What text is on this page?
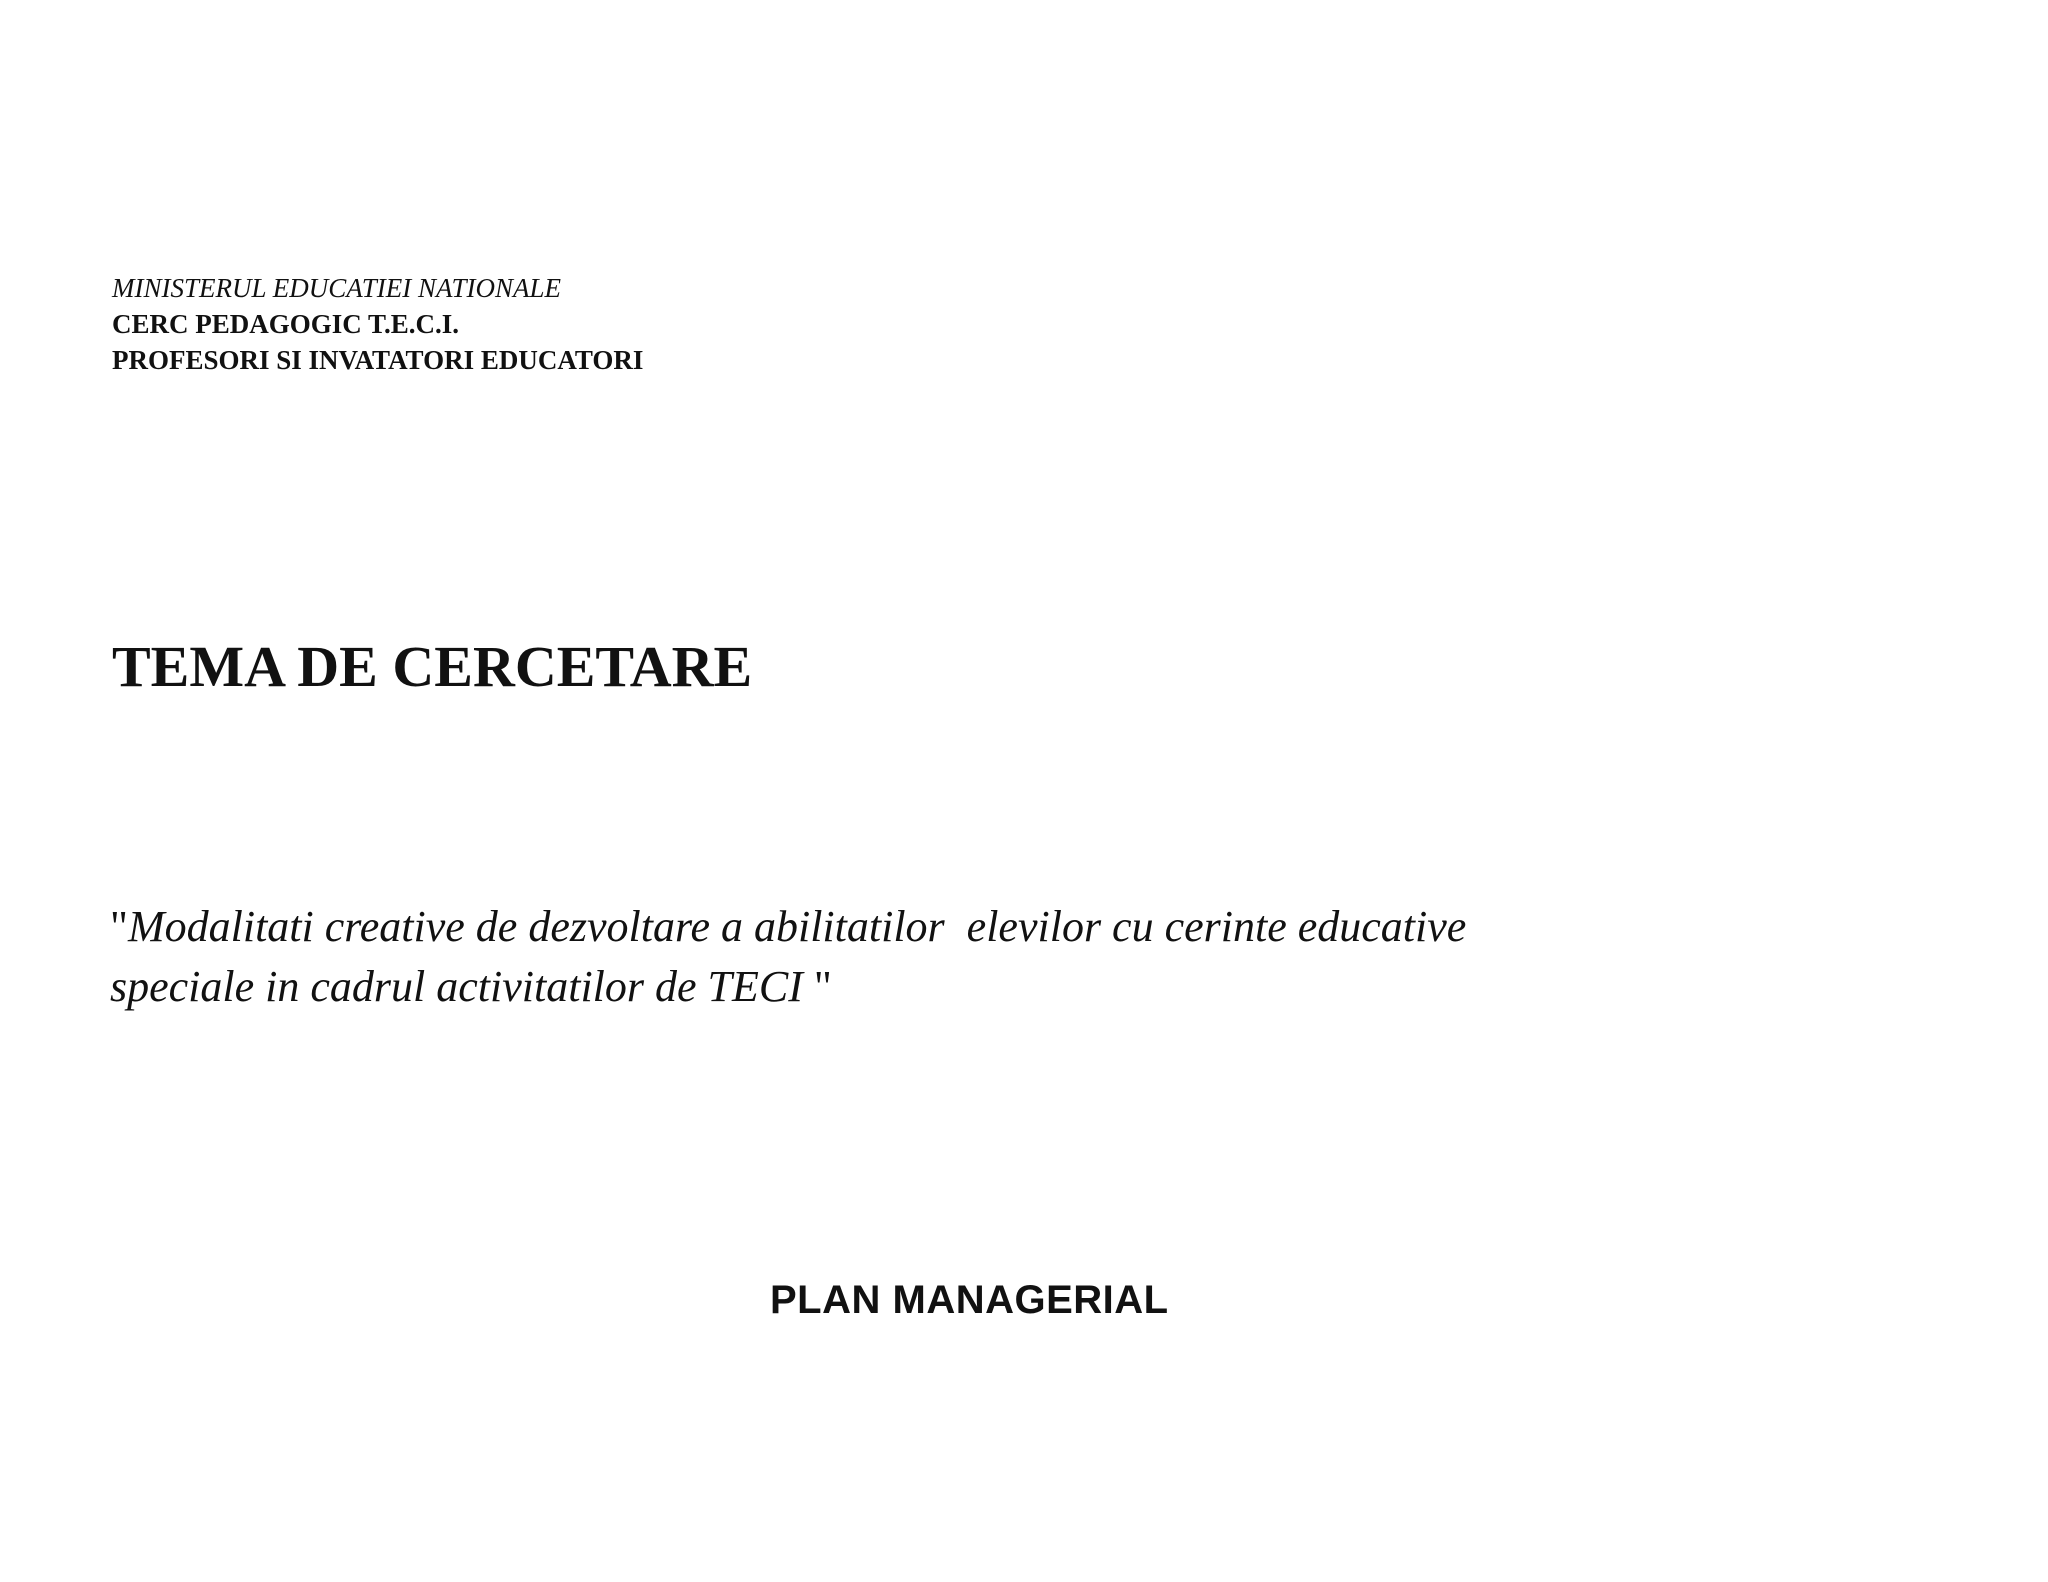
MINISTERUL EDUCATIEI NATIONALE
CERC PEDAGOGIC T.E.C.I.
PROFESORI SI INVATATORI EDUCATORI
TEMA DE CERCETARE
"Modalitati creative de dezvoltare a abilitatilor  elevilor cu cerinte educative
speciale in cadrul activitatilor de TECI "
PLAN MANAGERIAL
